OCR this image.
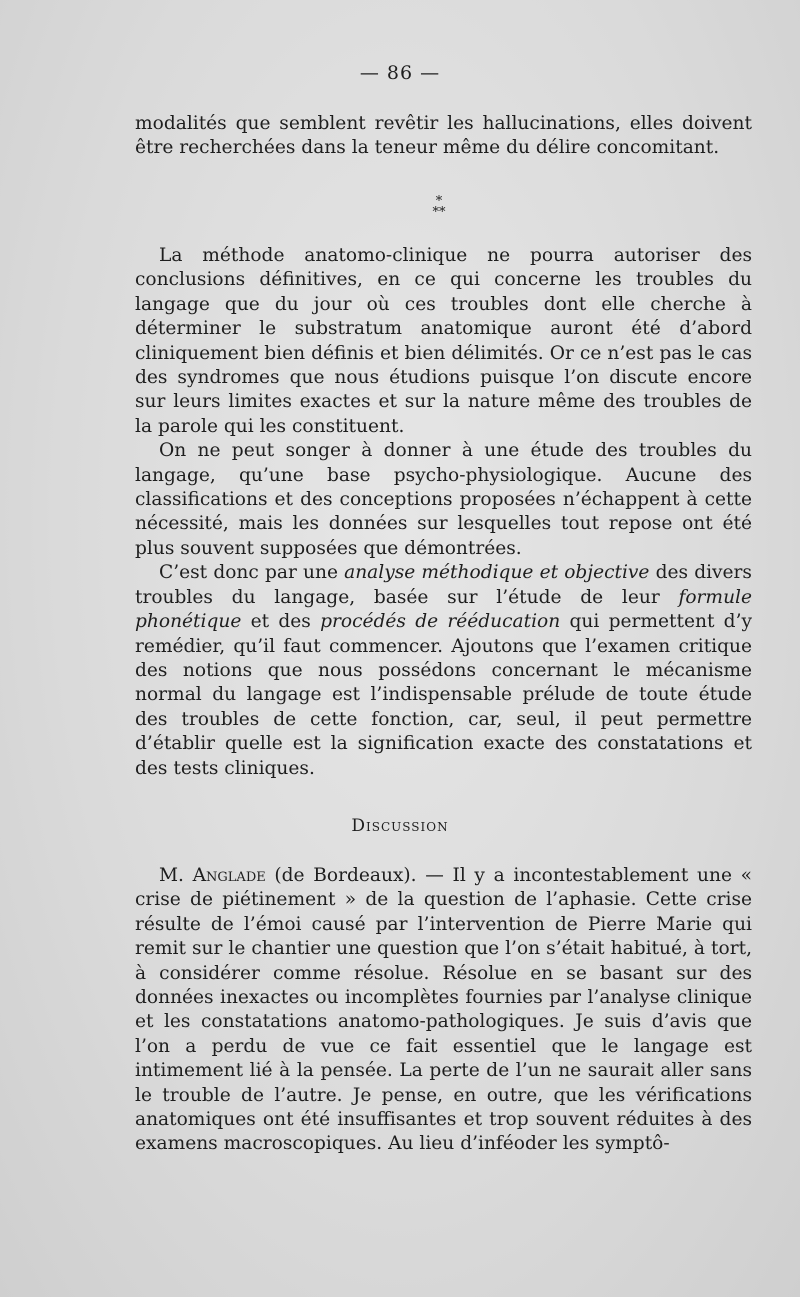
— 86 —

modalités que semblent revêtir les hallucinations, elles doivent être recherchées dans la teneur même du délire concomitant.

*
**

La méthode anatomo-clinique ne pourra autoriser des conclusions définitives, en ce qui concerne les troubles du langage que du jour où ces troubles dont elle cherche à déterminer le substratum anatomique auront été d’abord cliniquement bien définis et bien délimités. Or ce n’est pas le cas des syndromes que nous étudions puisque l’on discute encore sur leurs limites exactes et sur la nature même des troubles de la parole qui les constituent.

On ne peut songer à donner à une étude des troubles du langage, qu’une base psycho-physiologique. Aucune des classifications et des conceptions proposées n’échappent à cette nécessité, mais les données sur lesquelles tout repose ont été plus souvent supposées que démontrées.

C’est donc par une analyse méthodique et objective des divers troubles du langage, basée sur l’étude de leur formule phonétique et des procédés de rééducation qui permettent d’y remédier, qu’il faut commencer. Ajoutons que l’examen critique des notions que nous possédons concernant le mécanisme normal du langage est l’indispensable prélude de toute étude des troubles de cette fonction, car, seul, il peut permettre d’établir quelle est la signification exacte des constatations et des tests cliniques.

Discussion

M. Anglade (de Bordeaux). — Il y a incontestablement une « crise de piétinement » de la question de l’aphasie. Cette crise résulte de l’émoi causé par l’intervention de Pierre Marie qui remit sur le chantier une question que l’on s’était habitué, à tort, à considérer comme résolue. Résolue en se basant sur des données inexactes ou incomplètes fournies par l’analyse clinique et les constatations anatomo-pathologiques. Je suis d’avis que l’on a perdu de vue ce fait essentiel que le langage est intimement lié à la pensée. La perte de l’un ne saurait aller sans le trouble de l’autre. Je pense, en outre, que les vérifications anatomiques ont été insuffisantes et trop souvent réduites à des examens macroscopiques. Au lieu d’inféoder les symptô-
